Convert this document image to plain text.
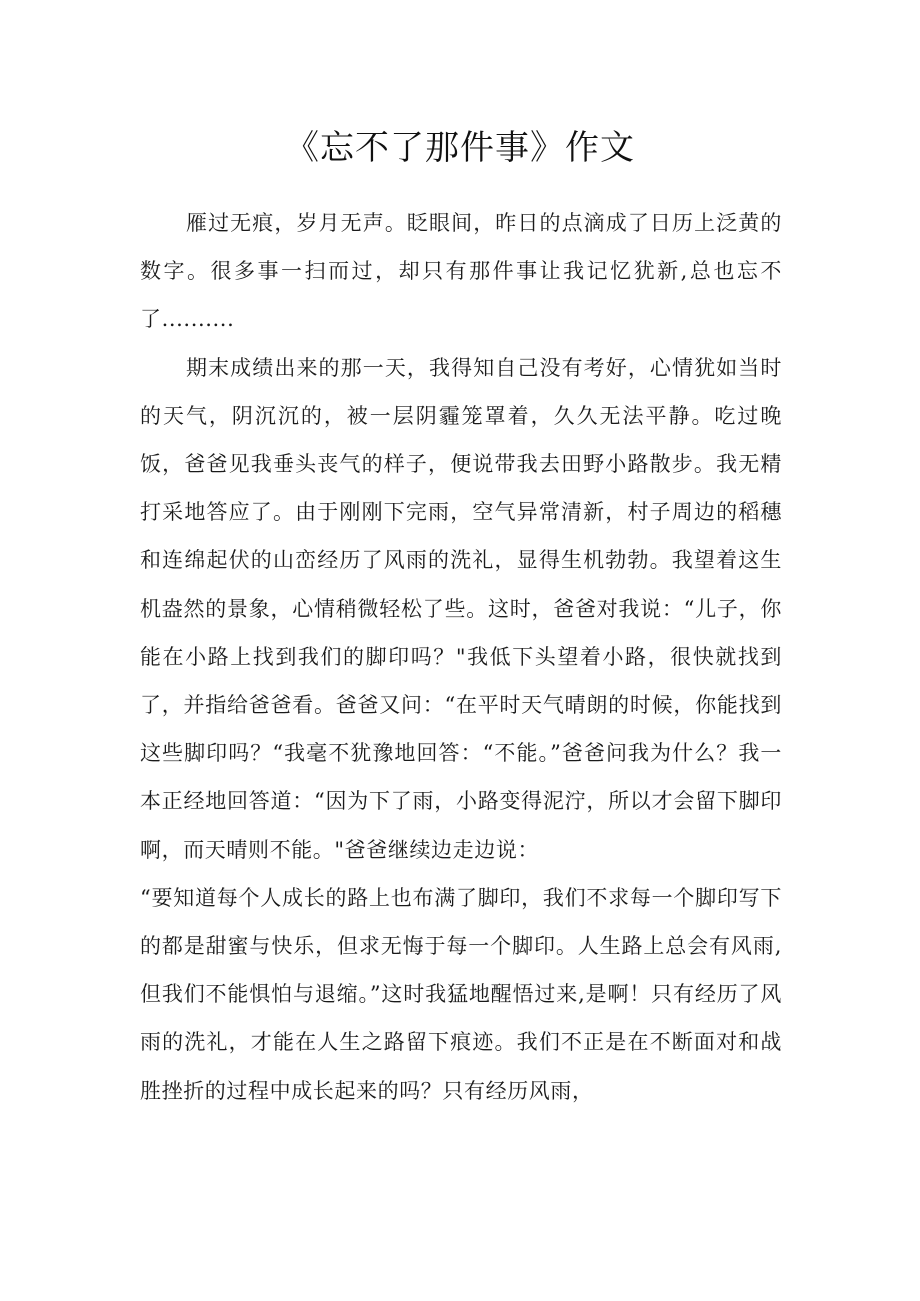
《忘不了那件事》作文

雁过无痕，岁月无声。眨眼间，昨日的点滴成了日历上泛黄的数字。很多事一扫而过，却只有那件事让我记忆犹新,总也忘不了..........

期末成绩出来的那一天，我得知自己没有考好，心情犹如当时的天气，阴沉沉的，被一层阴霾笼罩着，久久无法平静。吃过晚饭，爸爸见我垂头丧气的样子，便说带我去田野小路散步。我无精打采地答应了。由于刚刚下完雨，空气异常清新，村子周边的稻穗和连绵起伏的山峦经历了风雨的洗礼，显得生机勃勃。我望着这生机盎然的景象，心情稍微轻松了些。这时，爸爸对我说：“儿子，你能在小路上找到我们的脚印吗？"我低下头望着小路，很快就找到了，并指给爸爸看。爸爸又问：“在平时天气晴朗的时候，你能找到这些脚印吗？“我毫不犹豫地回答：“不能。”爸爸问我为什么？我一本正经地回答道：“因为下了雨，小路变得泥泞，所以才会留下脚印啊，而天晴则不能。"爸爸继续边走边说：

“要知道每个人成长的路上也布满了脚印，我们不求每一个脚印写下的都是甜蜜与快乐，但求无悔于每一个脚印。人生路上总会有风雨,但我们不能惧怕与退缩。”这时我猛地醒悟过来,是啊！只有经历了风雨的洗礼，才能在人生之路留下痕迹。我们不正是在不断面对和战胜挫折的过程中成长起来的吗？只有经历风雨，
